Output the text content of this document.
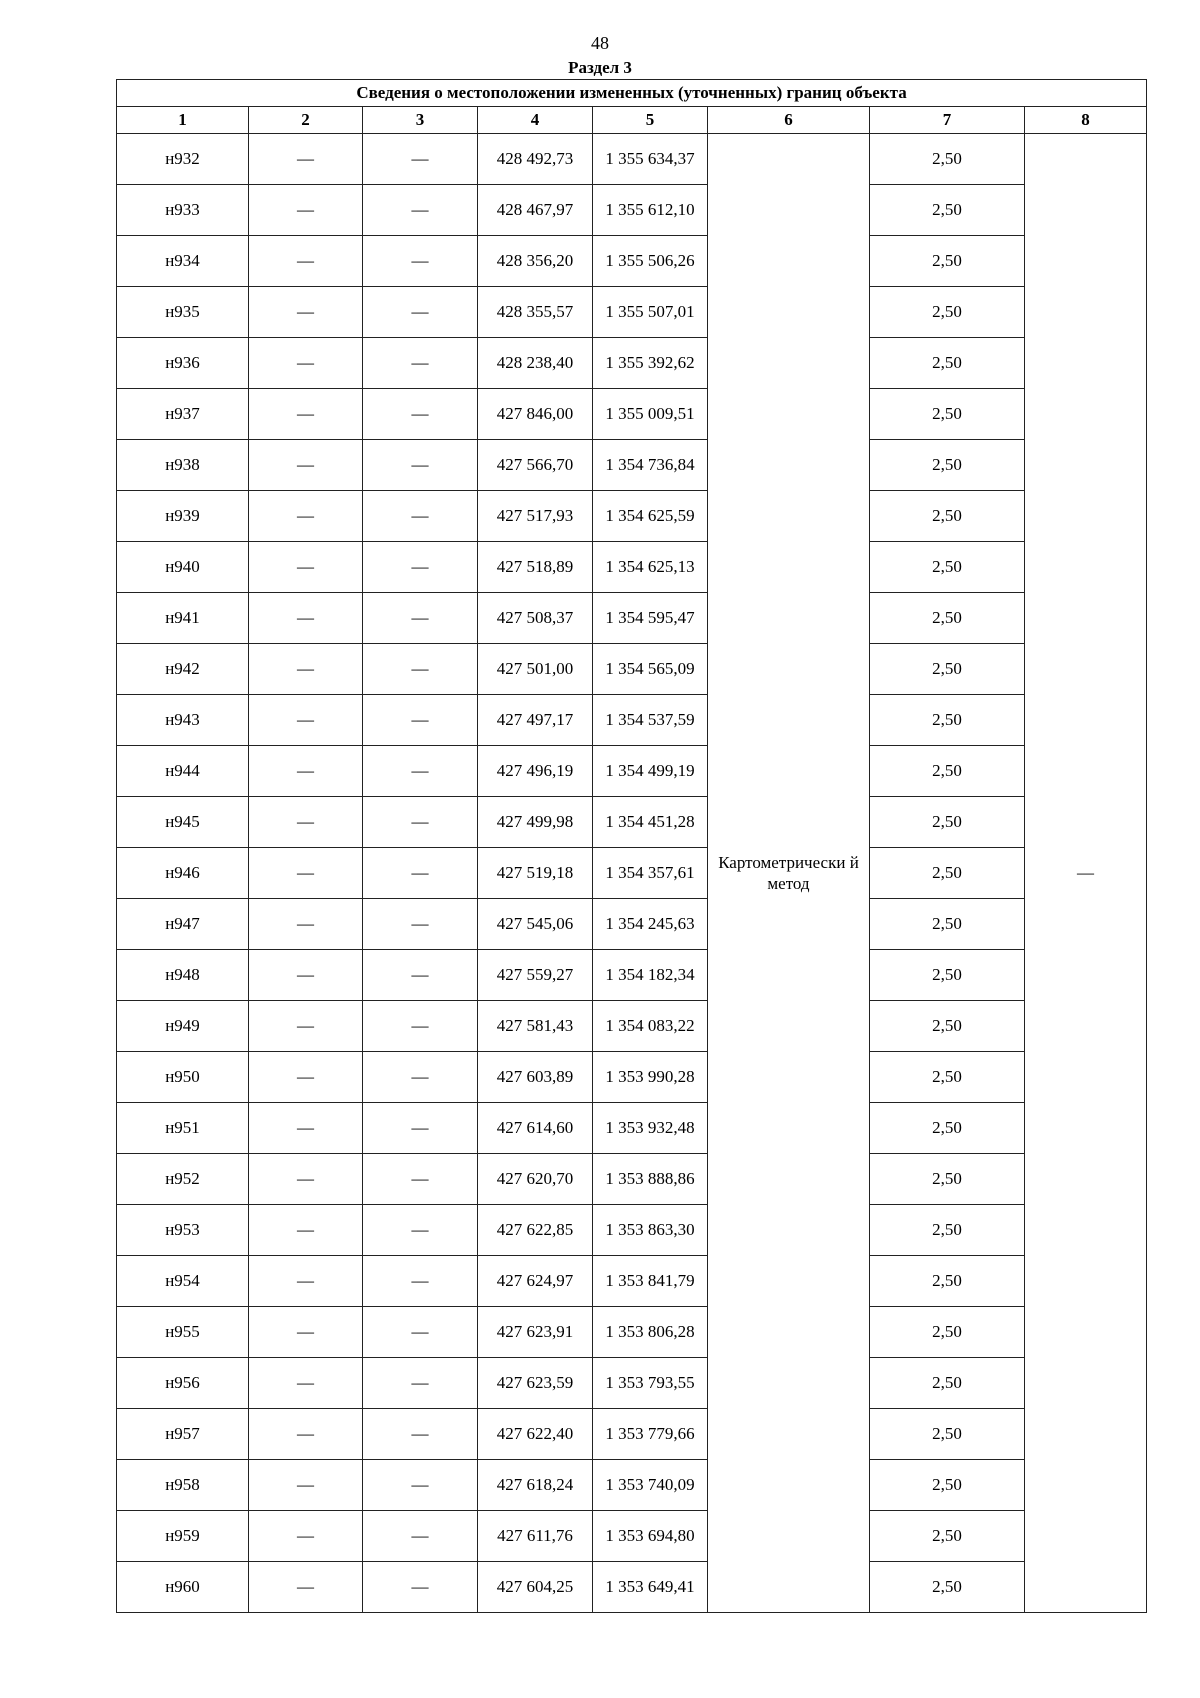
48
Раздел 3
Сведения о местоположении измененных (уточненных) границ объекта							
1	2	3	4	5	6	7	8
н932	—	—	428 492,73	1 355 634,37	Картометрически й метод	2,50	—
н933	—	—	428 467,97	1 355 612,10		2,50	
н934	—	—	428 356,20	1 355 506,26		2,50	
н935	—	—	428 355,57	1 355 507,01		2,50	
н936	—	—	428 238,40	1 355 392,62		2,50	
н937	—	—	427 846,00	1 355 009,51		2,50	
н938	—	—	427 566,70	1 354 736,84		2,50	
н939	—	—	427 517,93	1 354 625,59		2,50	
н940	—	—	427 518,89	1 354 625,13		2,50	
н941	—	—	427 508,37	1 354 595,47		2,50	
н942	—	—	427 501,00	1 354 565,09		2,50	
н943	—	—	427 497,17	1 354 537,59		2,50	
н944	—	—	427 496,19	1 354 499,19		2,50	
н945	—	—	427 499,98	1 354 451,28		2,50	
н946	—	—	427 519,18	1 354 357,61		2,50	
н947	—	—	427 545,06	1 354 245,63		2,50	
н948	—	—	427 559,27	1 354 182,34		2,50	
н949	—	—	427 581,43	1 354 083,22		2,50	
н950	—	—	427 603,89	1 353 990,28		2,50	
н951	—	—	427 614,60	1 353 932,48		2,50	
н952	—	—	427 620,70	1 353 888,86		2,50	
н953	—	—	427 622,85	1 353 863,30		2,50	
н954	—	—	427 624,97	1 353 841,79		2,50	
н955	—	—	427 623,91	1 353 806,28		2,50	
н956	—	—	427 623,59	1 353 793,55		2,50	
н957	—	—	427 622,40	1 353 779,66		2,50	
н958	—	—	427 618,24	1 353 740,09		2,50	
н959	—	—	427 611,76	1 353 694,80		2,50	
н960	—	—	427 604,25	1 353 649,41		2,50	
